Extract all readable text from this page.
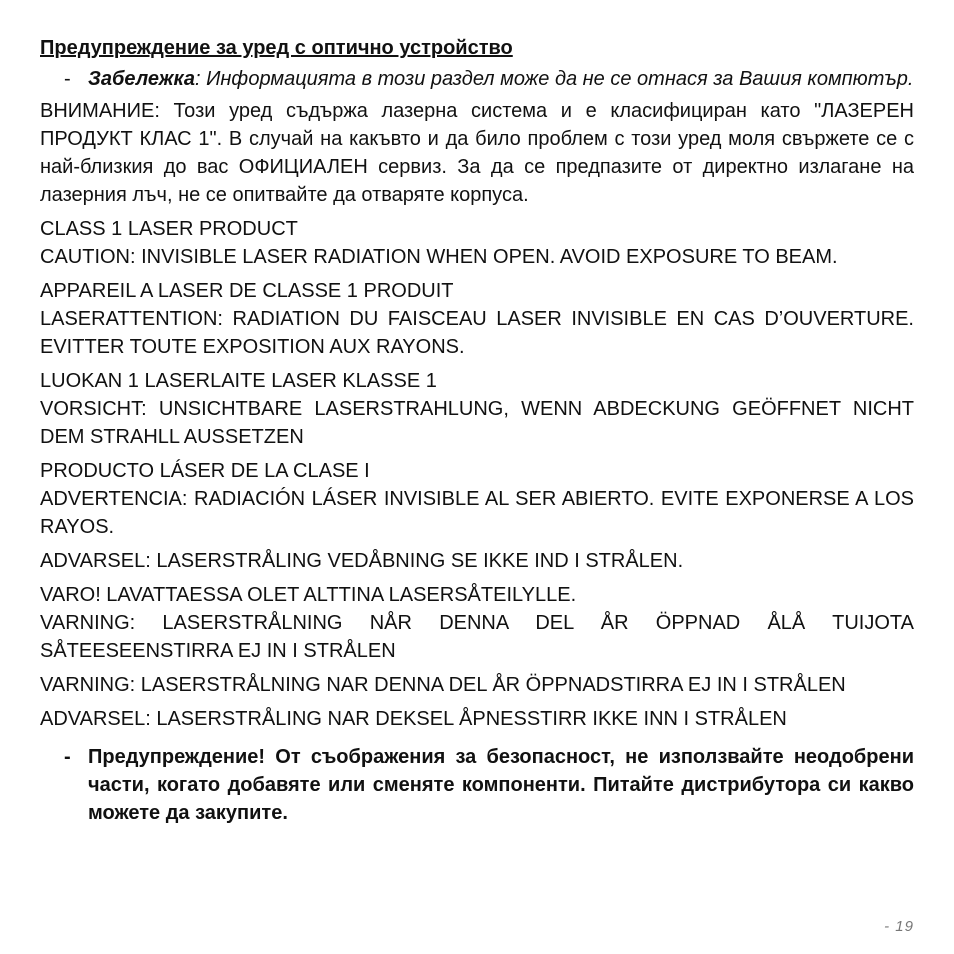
Предупреждение за уред с оптично устройство
- Забележка: Информацията в този раздел може да не се отнася за Вашия компютър.
ВНИМАНИЕ: Този уред съдържа лазерна система и е класифициран като "ЛАЗЕРЕН ПРОДУКТ КЛАС 1". В случай на какъвто и да било проблем с този уред моля свържете се с най-близкия до вас ОФИЦИАЛЕН сервиз. За да се предпазите от директно излагане на лазерния лъч, не се опитвайте да отваряте корпуса.
CLASS 1 LASER PRODUCT
CAUTION: INVISIBLE LASER RADIATION WHEN OPEN. AVOID EXPOSURE TO BEAM.
APPAREIL A LASER DE CLASSE 1 PRODUIT
LASERATTENTION: RADIATION DU FAISCEAU LASER INVISIBLE EN CAS D’OUVERTURE. EVITTER TOUTE EXPOSITION AUX RAYONS.
LUOKAN 1 LASERLAITE LASER KLASSE 1
VORSICHT: UNSICHTBARE LASERSTRAHLUNG, WENN ABDECKUNG GEÖFFNET NICHT DEM STRAHLL AUSSETZEN
PRODUCTO LÁSER DE LA CLASE I
ADVERTENCIA: RADIACIÓN LÁSER INVISIBLE AL SER ABIERTO. EVITE EXPONERSE A LOS RAYOS.
ADVARSEL: LASERSTRÅLING VEDÅBNING SE IKKE IND I STRÅLEN.
VARO! LAVATTAESSA OLET ALTTINA LASERSÅTEILYLLE.
VARNING: LASERSTRÅLNING NÅR DENNA DEL ÅR ÖPPNAD ÅLÅ TUIJOTA SÅTEESEENSTIRRA EJ IN I STRÅLEN
VARNING: LASERSTRÅLNING NAR DENNA DEL ÅR ÖPPNADSTIRRA EJ IN I STRÅLEN
ADVARSEL: LASERSTRÅLING NAR DEKSEL ÅPNESSTIRR IKKE INN I STRÅLEN
- Предупреждение! От съображения за безопасност, не използвайте неодобрени части, когато добавяте или сменяте компоненти. Питайте дистрибутора си какво можете да закупите.
- 19
